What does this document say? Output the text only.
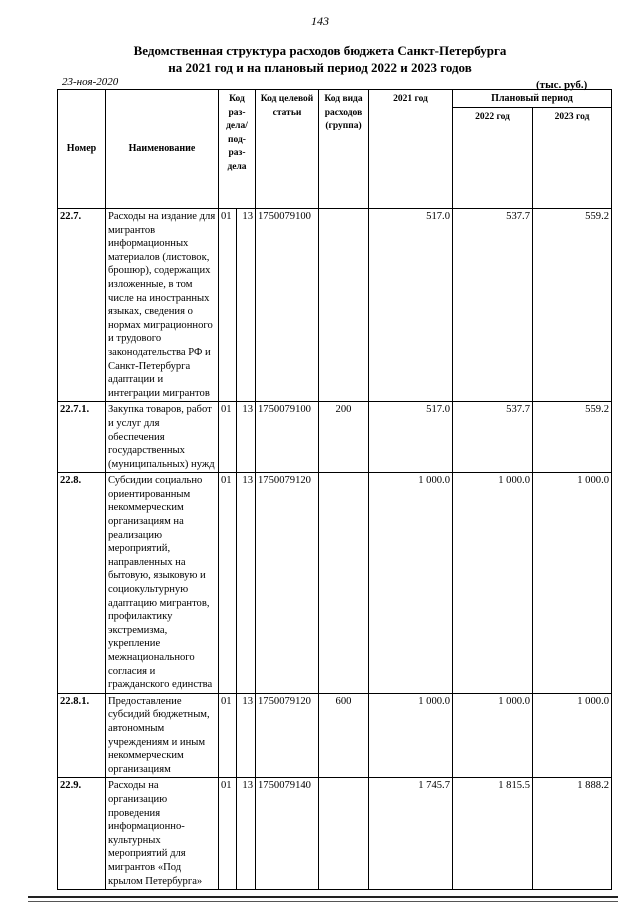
143
Ведомственная структура расходов бюджета Санкт-Петербурга
на 2021 год и на плановый период 2022 и 2023 годов
23-ноя-2020	(тыс. руб.)
Номер	Наименование	Код раз-дела/ под-раз-дела		Код целевой статьи	Код вида расходов (группа)	2021 год	Плановый период	
							2022 год	2023 год
22.7.	Расходы на издание для мигрантов информационных материалов (листовок, брошюр), содержащих изложенные, в том числе на иностранных языках, сведения о нормах миграционного и трудового законодательства РФ и Санкт-Петербурга адаптации и интеграции мигрантов	01	13	1750079100		517.0	537.7	559.2
22.7.1.	Закупка товаров, работ и услуг для обеспечения государственных (муниципальных) нужд	01	13	1750079100	200	517.0	537.7	559.2
22.8.	Субсидии социально ориентированным некоммерческим организациям на реализацию мероприятий, направленных на бытовую, языковую и социокультурную адаптацию мигрантов, профилактику экстремизма, укрепление межнационального согласия и гражданского единства	01	13	1750079120		1 000.0	1 000.0	1 000.0
22.8.1.	Предоставление субсидий бюджетным, автономным учреждениям и иным некоммерческим организациям	01	13	1750079120	600	1 000.0	1 000.0	1 000.0
22.9.	Расходы на организацию проведения информационно-культурных мероприятий для мигрантов «Под крылом Петербурга»	01	13	1750079140		1 745.7	1 815.5	1 888.2
